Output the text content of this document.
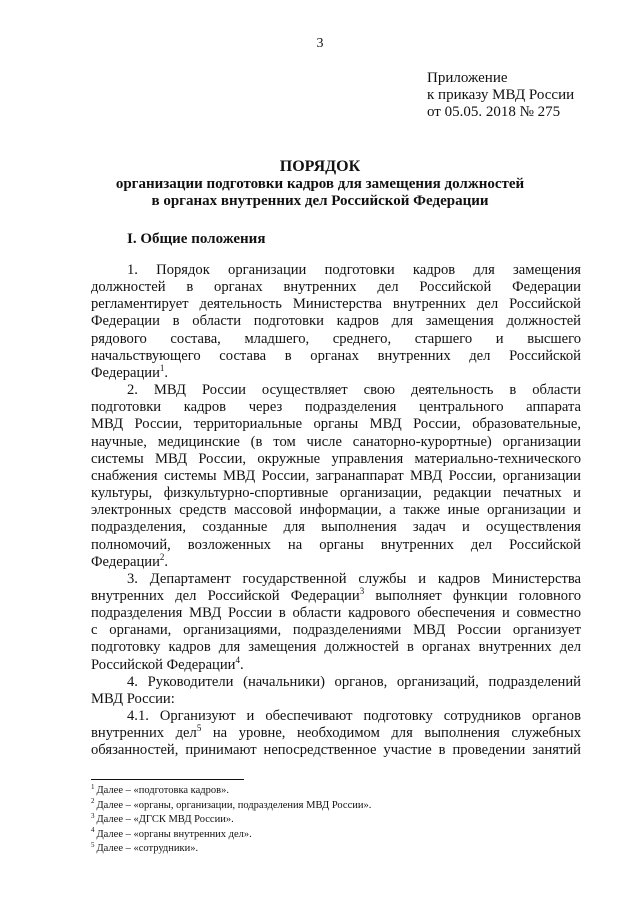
3
Приложение
к приказу МВД России
от 05.05. 2018 № 275
ПОРЯДОК
организации подготовки кадров для замещения должностей
в органах внутренних дел Российской Федерации
I. Общие положения
1. Порядок организации подготовки кадров для замещения
должностей в органах внутренних дел Российской Федерации
регламентирует деятельность Министерства внутренних дел Российской
Федерации в области подготовки кадров для замещения должностей
рядового состава, младшего, среднего, старшего и высшего
начальствующего состава в органах внутренних дел Российской
Федерации$^1$.
2. МВД России осуществляет свою деятельность в области
подготовки кадров через подразделения центрального аппарата
МВД России, территориальные органы МВД России, образовательные,
научные, медицинские (в том числе санаторно-курортные) организации
системы МВД России, окружные управления материально-технического
снабжения системы МВД России, загранаппарат МВД России, организации
культуры, физкультурно-спортивные организации, редакции печатных и
электронных средств массовой информации, а также иные организации и
подразделения, созданные для выполнения задач и осуществления
полномочий, возложенных на органы внутренних дел Российской
Федерации$^2$.
3. Департамент государственной службы и кадров Министерства
внутренних дел Российской Федерации$^3$ выполняет функции головного
подразделения МВД России в области кадрового обеспечения и совместно
с органами, организациями, подразделениями МВД России организует
подготовку кадров для замещения должностей в органах внутренних дел
Российской Федерации$^4$.
4. Руководители (начальники) органов, организаций, подразделений
МВД России:
4.1. Организуют и обеспечивают подготовку сотрудников органов
внутренних дел$^5$ на уровне, необходимом для выполнения служебных
обязанностей, принимают непосредственное участие в проведении занятий
$^1$ Далее – «подготовка кадров».
$^2$ Далее – «органы, организации, подразделения МВД России».
$^3$ Далее – «ДГСК МВД России».
$^4$ Далее – «органы внутренних дел».
$^5$ Далее – «сотрудники».
